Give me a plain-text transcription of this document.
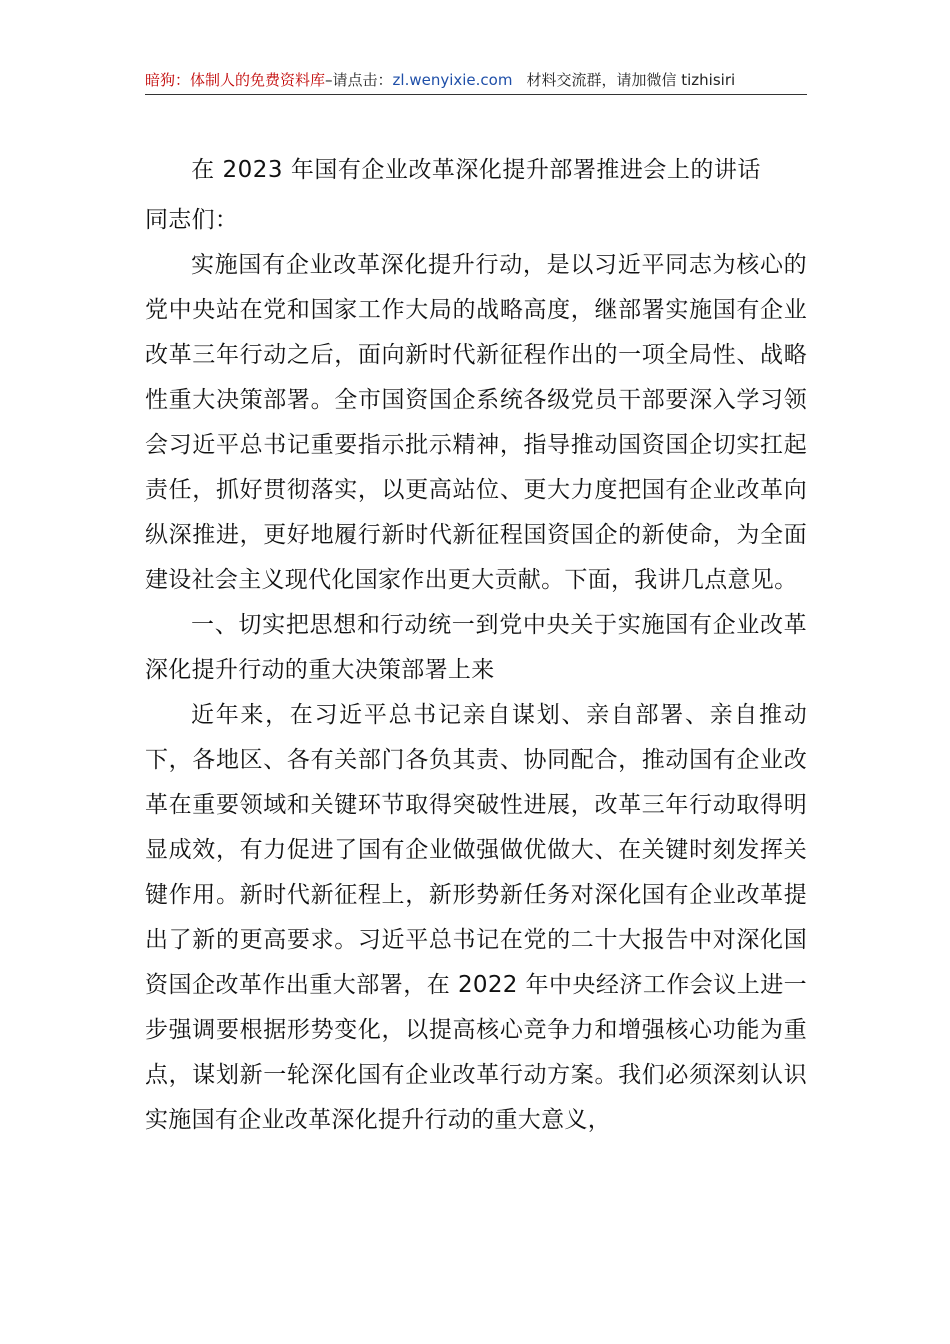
暗狗：体制人的免费资料库–请点击：zl.wenyixie.com 材料交流群，请加微信 tizhisiri
在 2023 年国有企业改革深化提升部署推进会上的讲话

同志们：

实施国有企业改革深化提升行动，是以习近平同志为核心的党中央站在党和国家工作大局的战略高度，继部署实施国有企业改革三年行动之后，面向新时代新征程作出的一项全局性、战略性重大决策部署。全市国资国企系统各级党员干部要深入学习领会习近平总书记重要指示批示精神，指导推动国资国企切实扛起责任，抓好贯彻落实，以更高站位、更大力度把国有企业改革向纵深推进，更好地履行新时代新征程国资国企的新使命，为全面建设社会主义现代化国家作出更大贡献。下面，我讲几点意见。

一、切实把思想和行动统一到党中央关于实施国有企业改革深化提升行动的重大决策部署上来

近年来，在习近平总书记亲自谋划、亲自部署、亲自推动下，各地区、各有关部门各负其责、协同配合，推动国有企业改革在重要领域和关键环节取得突破性进展，改革三年行动取得明显成效，有力促进了国有企业做强做优做大、在关键时刻发挥关键作用。新时代新征程上，新形势新任务对深化国有企业改革提出了新的更高要求。习近平总书记在党的二十大报告中对深化国资国企改革作出重大部署，在 2022 年中央经济工作会议上进一步强调要根据形势变化，以提高核心竞争力和增强核心功能为重点，谋划新一轮深化国有企业改革行动方案。我们必须深刻认识实施国有企业改革深化提升行动的重大意义，
